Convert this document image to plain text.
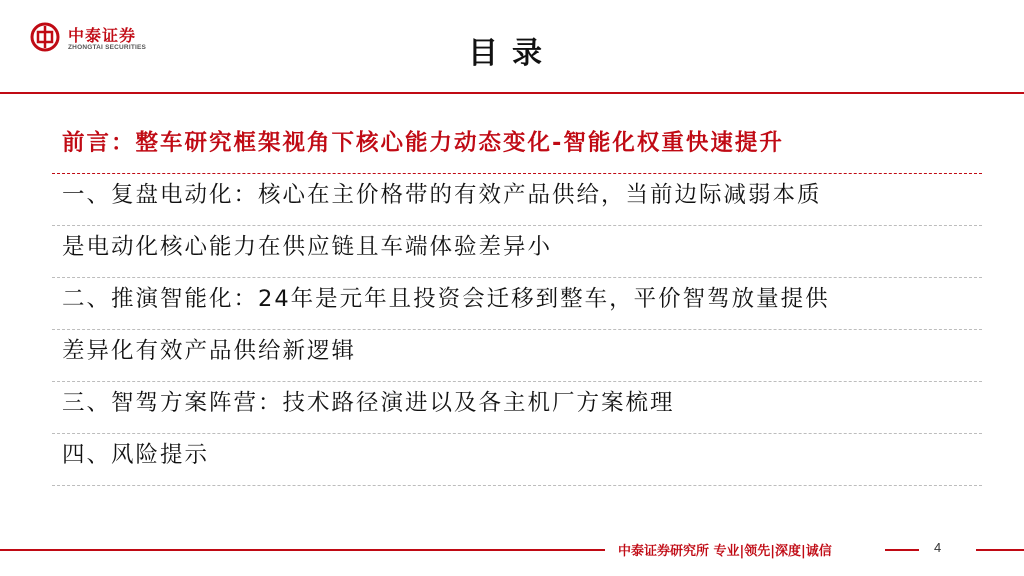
中泰证券
ZHONGTAI SECURITIES	目录
前言：整车研究框架视角下核心能力动态变化-智能化权重快速提升
一、复盘电动化：核心在主价格带的有效产品供给，当前边际减弱本质
是电动化核心能力在供应链且车端体验差异小
二、推演智能化：24年是元年且投资会迁移到整车，平价智驾放量提供
差异化有效产品供给新逻辑
三、智驾方案阵营：技术路径演进以及各主机厂方案梳理
四、风险提示
中泰证券研究所 专业|领先|深度|诚信	4
